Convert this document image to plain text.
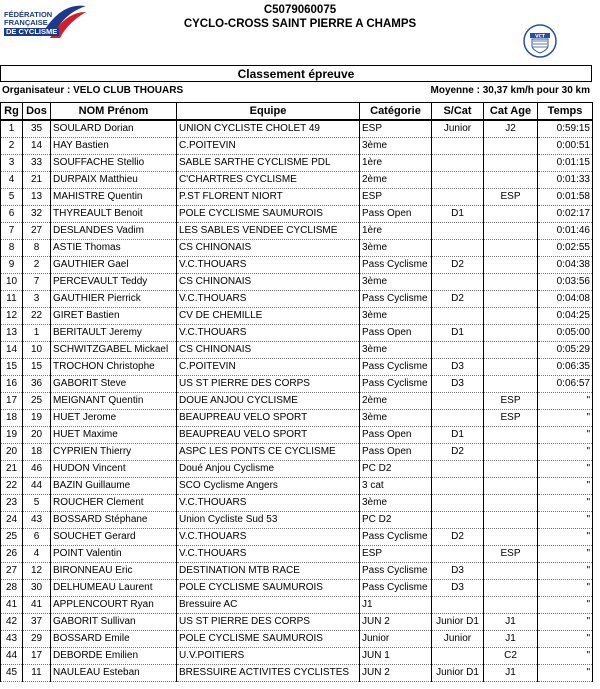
FÉDÉRATION
FRANÇAISE
DE CYCLISME
C5079060075
CYCLO-CROSS SAINT PIERRE A CHAMPS
VCT
Classement épreuve
Organisateur : VELO CLUB THOUARS	Moyenne : 30,37 km/h pour 30 km
Rg	Dos	NOM Prénom	Equipe	Catégorie	S/Cat	Cat Age	Temps
1	35	SOULARD Dorian	UNION CYCLISTE CHOLET 49	ESP	Junior	J2	0:59:15
2	14	HAY Bastien	C.POITEVIN	3ème			0:00:51
3	33	SOUFFACHE Stellio	SABLE SARTHE CYCLISME PDL	1ère			0:01:15
4	21	DURPAIX Matthieu	C'CHARTRES CYCLISME	2ème			0:01:33
5	13	MAHISTRE Quentin	P.ST FLORENT NIORT	ESP		ESP	0:01:58
6	32	THYREAULT Benoit	POLE CYCLISME SAUMUROIS	Pass Open	D1		0:02:17
7	27	DESLANDES Vadim	LES SABLES VENDEE CYCLISME	1ère			0:01:46
8	8	ASTIE Thomas	CS CHINONAIS	3ème			0:02:55
9	2	GAUTHIER Gael	V.C.THOUARS	Pass Cyclisme	D2		0:04:38
10	7	PERCEVAULT Teddy	CS CHINONAIS	3ème			0:03:56
11	3	GAUTHIER Pierrick	V.C.THOUARS	Pass Cyclisme	D2		0:04:08
12	22	GIRET Bastien	CV DE CHEMILLE	3ème			0:04:25
13	1	BERITAULT Jeremy	V.C.THOUARS	Pass Open	D1		0:05:00
14	10	SCHWITZGABEL Mickael	CS CHINONAIS	3ème			0:05:29
15	15	TROCHON Christophe	C.POITEVIN	Pass Cyclisme	D3		0:06:35
16	36	GABORIT Steve	US ST PIERRE DES CORPS	Pass Cyclisme	D3		0:06:57
17	25	MEIGNANT Quentin	DOUE ANJOU CYCLISME	2ème		ESP	"
18	19	HUET Jerome	BEAUPREAU VELO SPORT	3ème		ESP	"
19	20	HUET Maxime	BEAUPREAU VELO SPORT	Pass Open	D1		"
20	18	CYPRIEN Thierry	ASPC LES PONTS CE CYCLISME	Pass Open	D2		"
21	46	HUDON Vincent	Doué Anjou Cyclisme	PC D2			"
22	44	BAZIN Guillaume	SCO Cyclisme Angers	3 cat			"
23	5	ROUCHER Clement	V.C.THOUARS	3ème			"
24	43	BOSSARD Stéphane	Union Cycliste Sud 53	PC D2			"
25	6	SOUCHET Gerard	V.C.THOUARS	Pass Cyclisme	D2		"
26	4	POINT Valentin	V.C.THOUARS	ESP		ESP	"
27	12	BIRONNEAU Eric	DESTINATION MTB RACE	Pass Cyclisme	D3		"
28	30	DELHUMEAU Laurent	POLE CYCLISME SAUMUROIS	Pass Cyclisme	D3		"
41	41	APPLENCOURT Ryan	Bressuire AC	J1			"
42	37	GABORIT Sullivan	US ST PIERRE DES CORPS	JUN 2	Junior D1	J1	"
43	29	BOSSARD Emile	POLE CYCLISME SAUMUROIS	Junior	Junior	J1	"
44	17	DEBORDE Emilien	U.V.POITIERS	JUN 1		C2	"
45	11	NAULEAU Esteban	BRESSUIRE ACTIVITES CYCLISTES	JUN 2	Junior D1	J1	"
